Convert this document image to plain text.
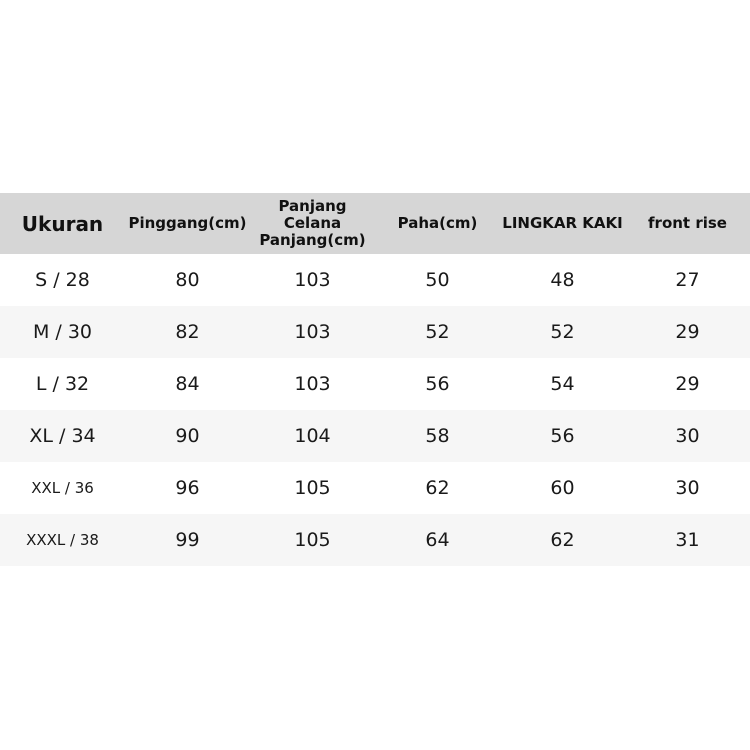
Ukuran	Pinggang(cm)	Panjang Celana Panjang(cm)	Paha(cm)	LINGKAR KAKI	front rise
S / 28	80	103	50	48	27
M / 30	82	103	52	52	29
L / 32	84	103	56	54	29
XL / 34	90	104	58	56	30
XXL / 36	96	105	62	60	30
XXXL / 38	99	105	64	62	31
